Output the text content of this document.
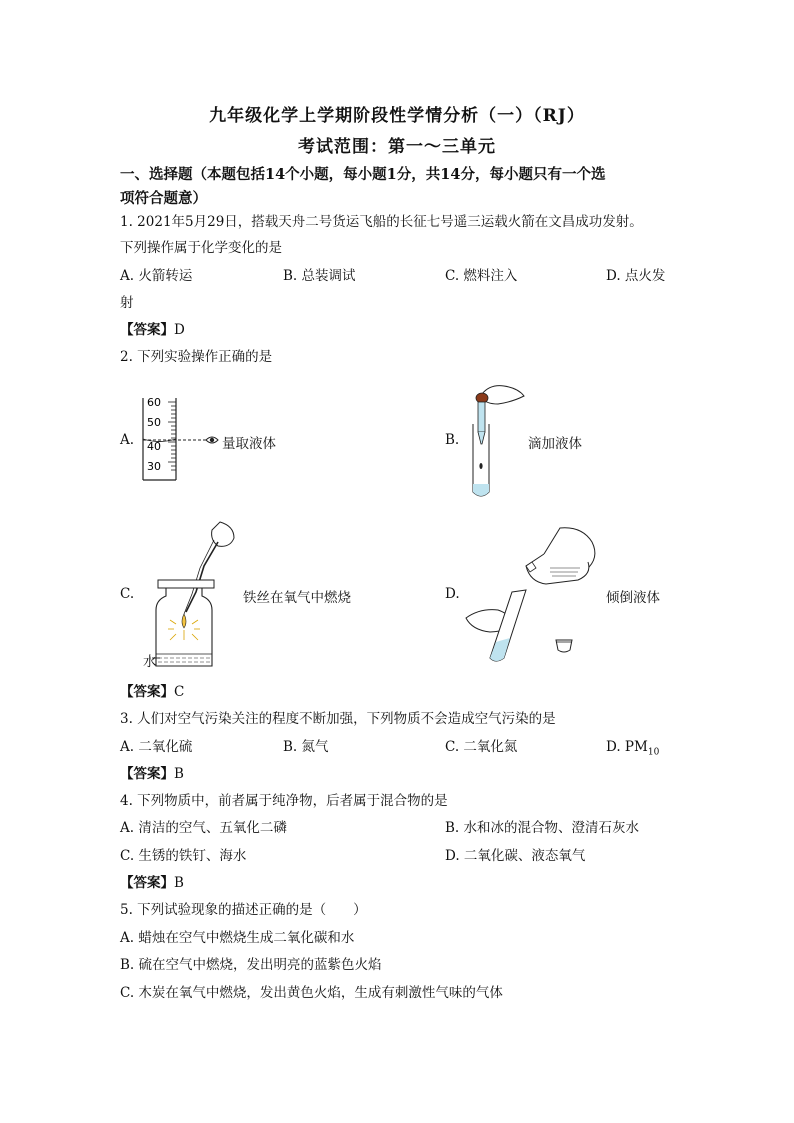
九年级化学上学期阶段性学情分析（一）（RJ）
考试范围：第一～三单元
一、选择题（本题包括14个小题，每小题1分，共14分，每小题只有一个选
项符合题意）
1. 2021年5月29日，搭载天舟二号货运飞船的长征七号遥三运载火箭在文昌成功发射。
下列操作属于化学变化的是
A. 火箭转运	B. 总装调试	C. 燃料注入	D. 点火发
射
【答案】D
2. 下列实验操作正确的是
A.
60
50
40
30
量取液体	B.	滴加液体
C.
水
铁丝在氧气中燃烧	D.	倾倒液体
【答案】C
3. 人们对空气污染关注的程度不断加强，下列物质不会造成空气污染的是
A. 二氧化硫	B. 氮气	C. 二氧化氮	D. $PM_{10}$
【答案】B
4. 下列物质中，前者属于纯净物，后者属于混合物的是
A. 清洁的空气、五氧化二磷	B. 水和冰的混合物、澄清石灰水
C. 生锈的铁钉、海水	D. 二氧化碳、液态氧气
【答案】B
5. 下列试验现象的描述正确的是（　　）
A. 蜡烛在空气中燃烧生成二氧化碳和水
B. 硫在空气中燃烧，发出明亮的蓝紫色火焰
C. 木炭在氧气中燃烧，发出黄色火焰，生成有刺激性气味的气体
